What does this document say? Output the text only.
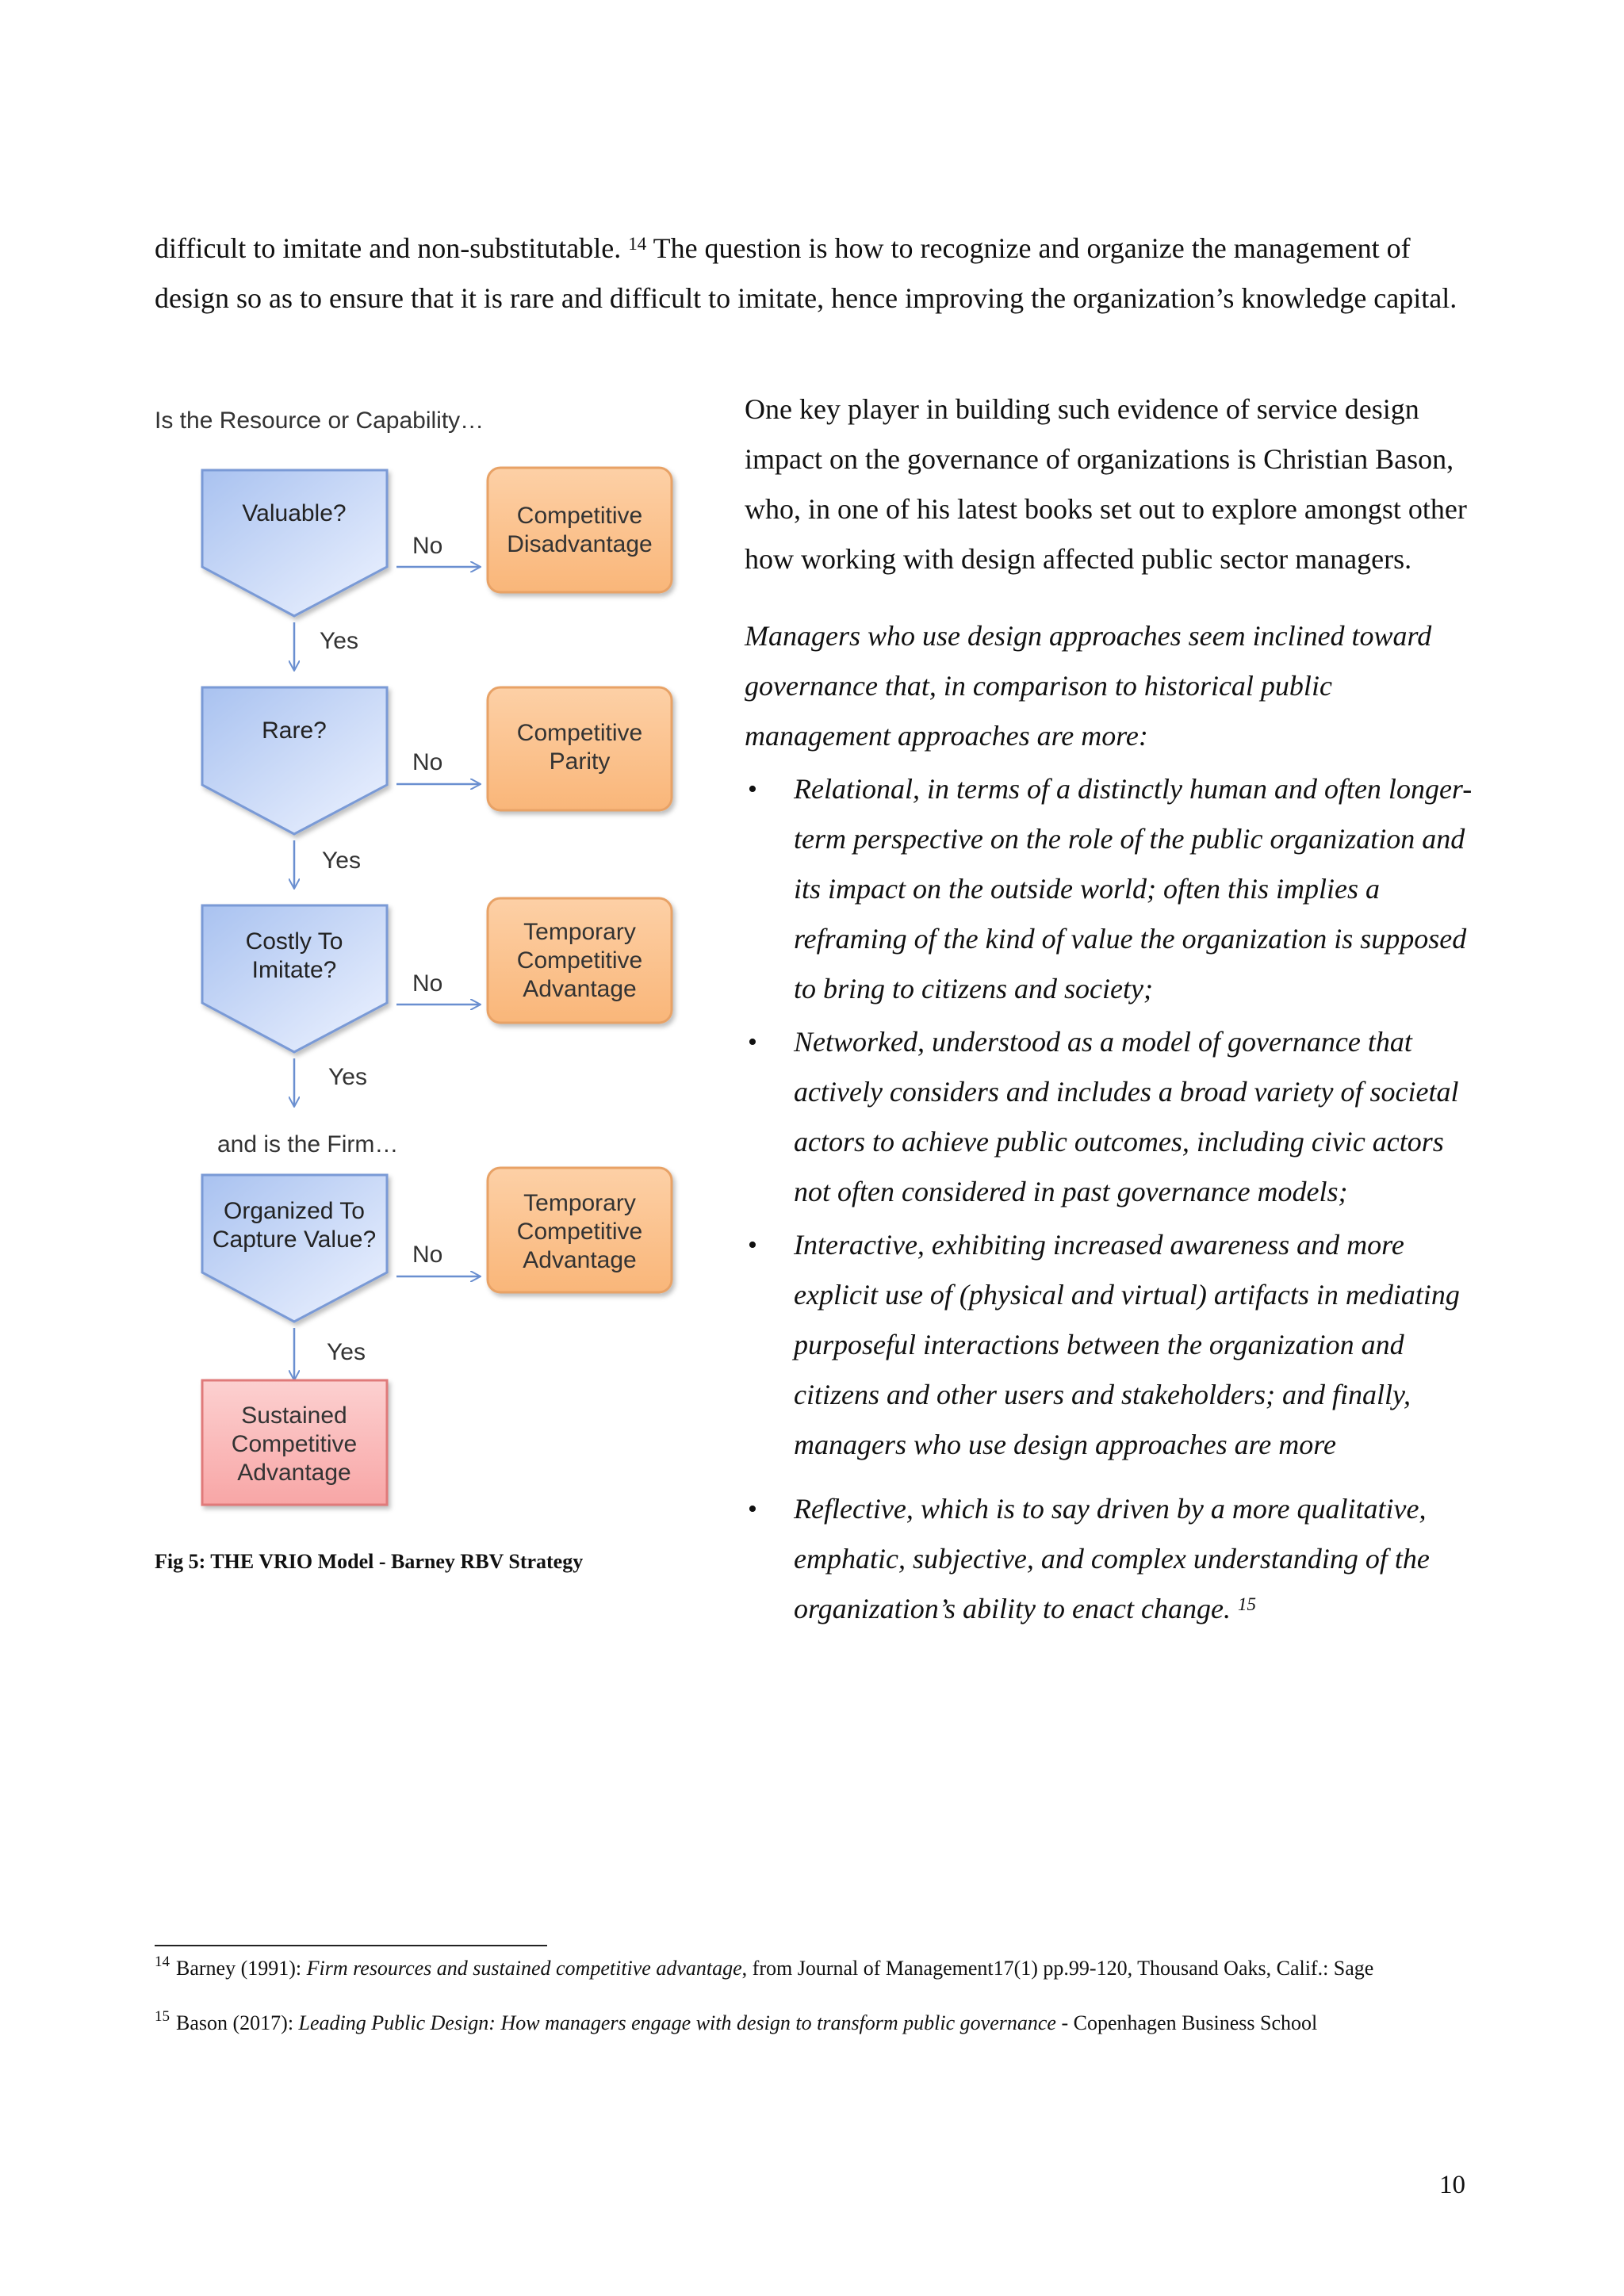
difficult to imitate and non-substitutable. $^{14}$ The question is how to recognize and organize the management of design so as to ensure that it is rare and difficult to imitate, hence improving the organization’s knowledge capital.
Is the Resource or Capability…
Valuable?	Competitive
Disadvantage
No
Yes
Rare?	Competitive
Parity
No
Yes
Costly To
Imitate?
Temporary
Competitive
Advantage
No
Yes
and is the Firm…
Organized To
Capture Value?
Temporary
Competitive
Advantage
No
Yes
Sustained
Competitive
Advantage
Fig 5: THE VRIO Model - Barney RBV Strategy

One key player in building such evidence of service design impact on the governance of organizations is Christian Bason, who, in one of his latest books set out to explore amongst other how working with design affected public sector managers.

Managers who use design approaches seem inclined toward governance that, in comparison to historical public management approaches are more:

• Relational, in terms of a distinctly human and often longer-term perspective on the role of the public organization and its impact on the outside world; often this implies a reframing of the kind of value the organization is supposed to bring to citizens and society;
• Networked, understood as a model of governance that actively considers and includes a broad variety of societal actors to achieve public outcomes, including civic actors not often considered in past governance models;
• Interactive, exhibiting increased awareness and more explicit use of (physical and virtual) artifacts in mediating purposeful interactions between the organization and citizens and other users and stakeholders; and finally, managers who use design approaches are more
• Reflective, which is to say driven by a more qualitative, emphatic, subjective, and complex understanding of the organization’s ability to enact change. $^{15}$
$^{14}$ Barney (1991): Firm resources and sustained competitive advantage, from Journal of Management17(1) pp.99-120, Thousand Oaks, Calif.: Sage
$^{15}$ Bason (2017): Leading Public Design: How managers engage with design to transform public governance - Copenhagen Business School
10
